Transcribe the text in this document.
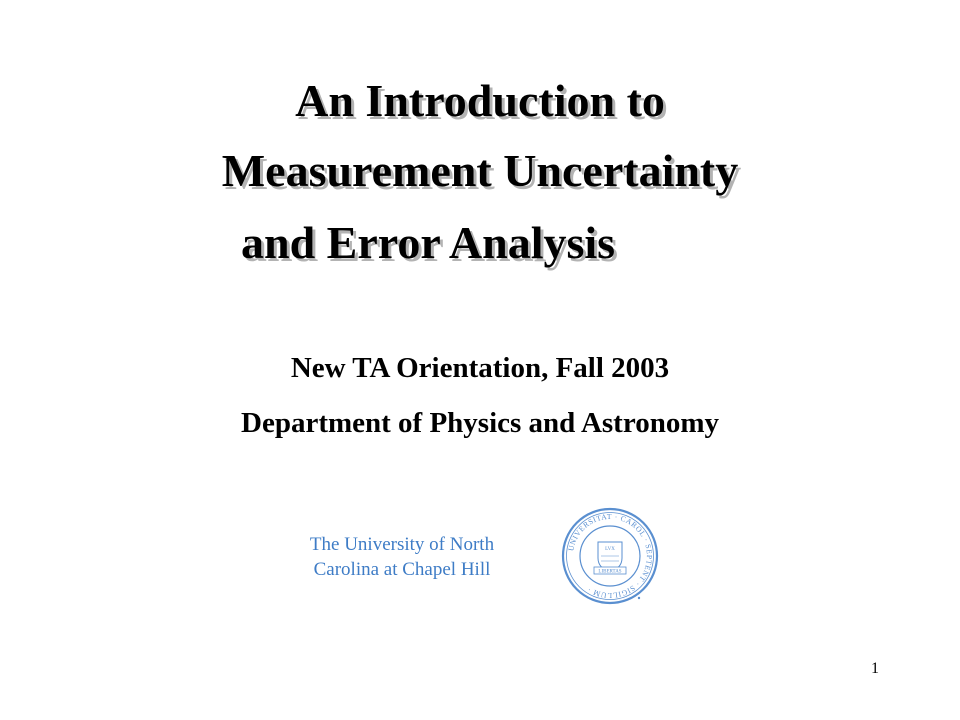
An Introduction to
Measurement Uncertainty
and Error Analysis
New TA Orientation, Fall 2003
Department of Physics and Astronomy
The University of North
Carolina at Chapel Hill
UNIVERSITAT · CAROL · SEPTENT · SIGILLUM ·
LVX
LIBERTAS
1
